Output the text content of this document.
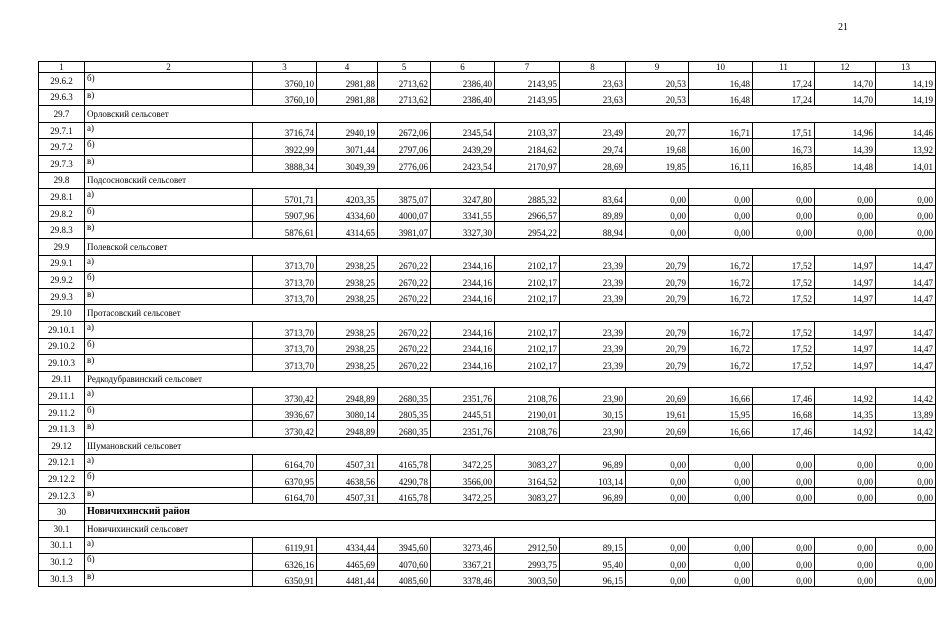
21
1	2	3	4	5	6	7	8	9	10	11	12	13
29.6.2	б)	3760,10	2981,88	2713,62	2386,40	2143,95	23,63	20,53	16,48	17,24	14,70	14,19
29.6.3	в)	3760,10	2981,88	2713,62	2386,40	2143,95	23,63	20,53	16,48	17,24	14,70	14,19
29.7	Орловский сельсовет											
29.7.1	а)	3716,74	2940,19	2672,06	2345,54	2103,37	23,49	20,77	16,71	17,51	14,96	14,46
29.7.2	б)	3922,99	3071,44	2797,06	2439,29	2184,62	29,74	19,68	16,00	16,73	14,39	13,92
29.7.3	в)	3888,34	3049,39	2776,06	2423,54	2170,97	28,69	19,85	16,11	16,85	14,48	14,01
29.8	Подсосновский сельсовет											
29.8.1	а)	5701,71	4203,35	3875,07	3247,80	2885,32	83,64	0,00	0,00	0,00	0,00	0,00
29.8.2	б)	5907,96	4334,60	4000,07	3341,55	2966,57	89,89	0,00	0,00	0,00	0,00	0,00
29.8.3	в)	5876,61	4314,65	3981,07	3327,30	2954,22	88,94	0,00	0,00	0,00	0,00	0,00
29.9	Полевской сельсовет											
29.9.1	а)	3713,70	2938,25	2670,22	2344,16	2102,17	23,39	20,79	16,72	17,52	14,97	14,47
29.9.2	б)	3713,70	2938,25	2670,22	2344,16	2102,17	23,39	20,79	16,72	17,52	14,97	14,47
29.9.3	в)	3713,70	2938,25	2670,22	2344,16	2102,17	23,39	20,79	16,72	17,52	14,97	14,47
29.10	Протасовский сельсовет											
29.10.1	а)	3713,70	2938,25	2670,22	2344,16	2102,17	23,39	20,79	16,72	17,52	14,97	14,47
29.10.2	б)	3713,70	2938,25	2670,22	2344,16	2102,17	23,39	20,79	16,72	17,52	14,97	14,47
29.10.3	в)	3713,70	2938,25	2670,22	2344,16	2102,17	23,39	20,79	16,72	17,52	14,97	14,47
29.11	Редкодубравинский сельсовет											
29.11.1	а)	3730,42	2948,89	2680,35	2351,76	2108,76	23,90	20,69	16,66	17,46	14,92	14,42
29.11.2	б)	3936,67	3080,14	2805,35	2445,51	2190,01	30,15	19,61	15,95	16,68	14,35	13,89
29.11.3	в)	3730,42	2948,89	2680,35	2351,76	2108,76	23,90	20,69	16,66	17,46	14,92	14,42
29.12	Шумановский сельсовет											
29.12.1	а)	6164,70	4507,31	4165,78	3472,25	3083,27	96,89	0,00	0,00	0,00	0,00	0,00
29.12.2	б)	6370,95	4638,56	4290,78	3566,00	3164,52	103,14	0,00	0,00	0,00	0,00	0,00
29.12.3	в)	6164,70	4507,31	4165,78	3472,25	3083,27	96,89	0,00	0,00	0,00	0,00	0,00
30	Новичихинский район											
30.1	Новичихинский сельсовет											
30.1.1	а)	6119,91	4334,44	3945,60	3273,46	2912,50	89,15	0,00	0,00	0,00	0,00	0,00
30.1.2	б)	6326,16	4465,69	4070,60	3367,21	2993,75	95,40	0,00	0,00	0,00	0,00	0,00
30.1.3	в)	6350,91	4481,44	4085,60	3378,46	3003,50	96,15	0,00	0,00	0,00	0,00	0,00
